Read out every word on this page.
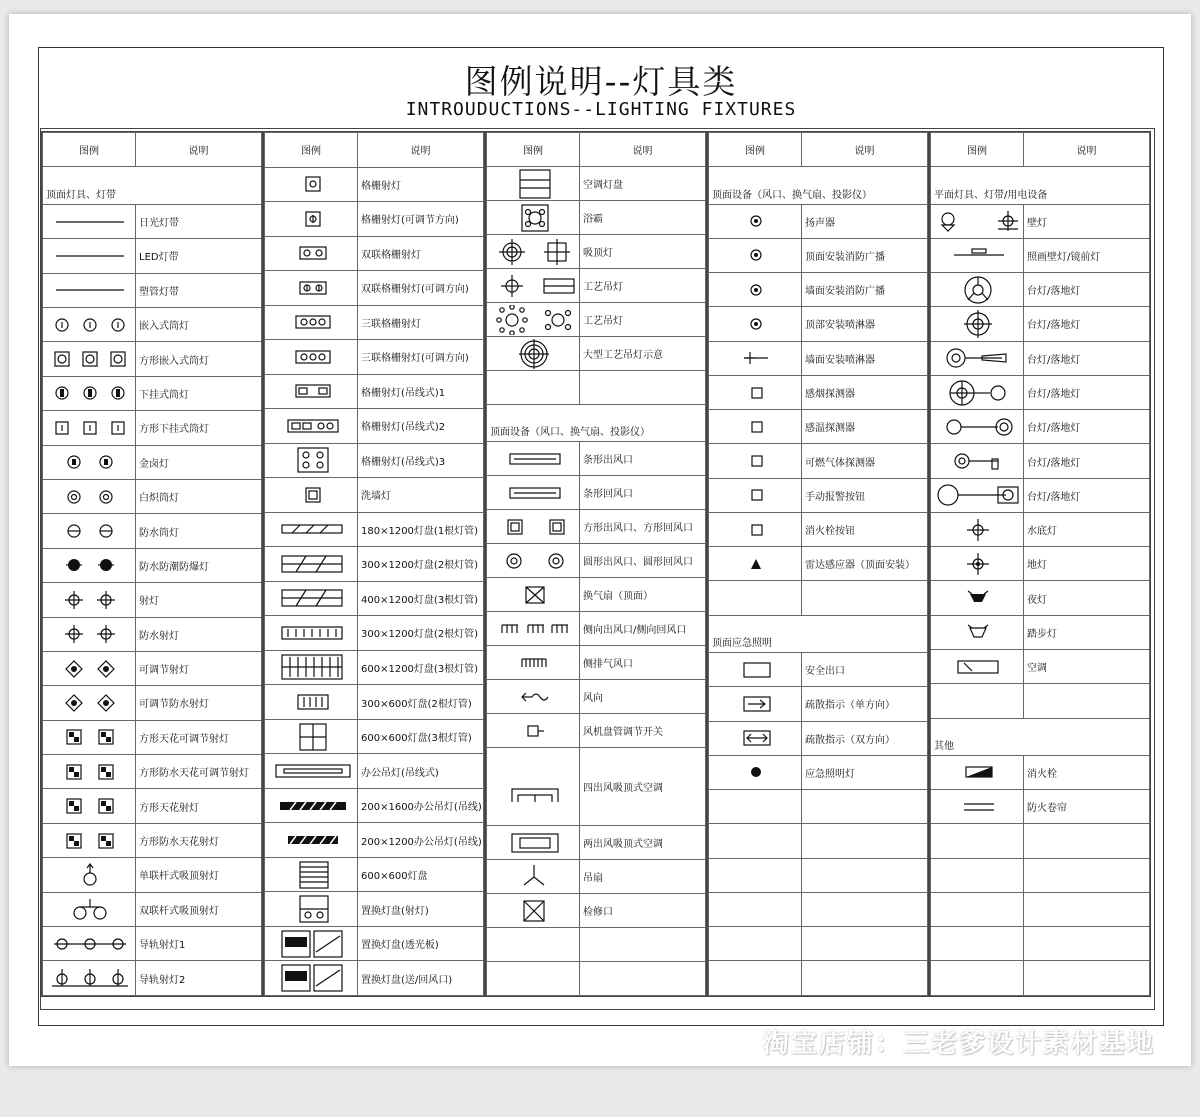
图例说明--灯具类
INTROUDUCTIONS--LIGHTING FIXTURES
图例	说明
顶面灯具、灯带	

	日光灯带

	LED灯带

	塑管灯带

	嵌入式筒灯

	方形嵌入式筒灯

	下挂式筒灯

	方形下挂式筒灯

	金卤灯

	白炽筒灯

	防水筒灯

	防水防潮防爆灯

	射灯

	防水射灯

	可调节射灯

	可调节防水射灯

	方形天花可调节射灯

	方形防水天花可调节射灯

	方形天花射灯

	方形防水天花射灯

	单联杆式吸顶射灯

	双联杆式吸顶射灯

	导轨射灯1

	导轨射灯2
图例	说明

	格栅射灯

	格栅射灯(可调节方向)

	双联格栅射灯

	双联格栅射灯(可调方向)

	三联格栅射灯

	三联格栅射灯(可调方向)

	格栅射灯(吊线式)1

	格栅射灯(吊线式)2

	格栅射灯(吊线式)3

	洗墙灯

	180×1200灯盘(1根灯管)

	300×1200灯盘(2根灯管)

	400×1200灯盘(3根灯管)

	300×1200灯盘(2根灯管)

	600×1200灯盘(3根灯管)

	300×600灯盘(2根灯管)

	600×600灯盘(3根灯管)

	办公吊灯(吊线式)

	200×1600办公吊灯(吊线)

	200×1200办公吊灯(吊线)

	600×600灯盘

	置换灯盘(射灯)

	置换灯盘(透光板)

	置换灯盘(送/回风口)
图例	说明

	空调灯盘

	浴霸

	吸顶灯

	工艺吊灯

	工艺吊灯

	大型工艺吊灯示意

顶面设备（风口、换气扇、投影仪）	

	条形出风口

	条形回风口

	方形出风口、方形回风口

	圆形出风口、圆形回风口

	换气扇（顶面）

	侧向出风口/侧向回风口

	侧排气风口

	风向

	风机盘管调节开关

	四出风吸顶式空调

	两出风吸顶式空调

	吊扇

	检修口

图例	说明
顶面设备（风口、换气扇、投影仪）	

	扬声器

	顶面安装消防广播

	墙面安装消防广播

	顶部安装喷淋器

	墙面安装喷淋器

	感烟探测器

	感温探测器

	可燃气体探测器

	手动报警按钮

	消火栓按钮

	雷达感应器（顶面安装）

顶面应急照明	

	安全出口

	疏散指示（单方向）

	疏散指示（双方向）

	应急照明灯

图例	说明
平面灯具、灯带/用电设备	

	壁灯

	照画壁灯/镜前灯

	台灯/落地灯

	台灯/落地灯

	台灯/落地灯

	台灯/落地灯

	台灯/落地灯

	台灯/落地灯

	台灯/落地灯

	水底灯

	地灯

	夜灯

	踏步灯

	空调

其他	

	消火栓

	防火卷帘

淘宝店铺：三老爹设计素材基地
